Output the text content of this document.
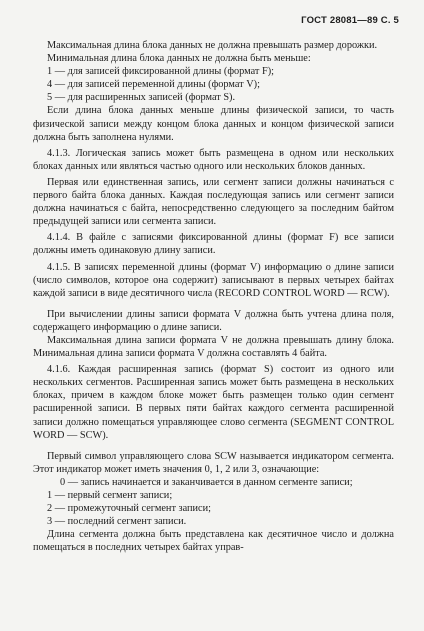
ГОСТ 28081—89 С. 5

Максимальная длина блока данных не должна превышать размер дорожки.

Минимальная длина блока данных не должна быть меньше:

1 — для записей фиксированной длины (формат F);

4 — для записей переменной длины (формат V);

5 — для расширенных записей (формат S).

Если длина блока данных меньше длины физической записи, то часть физической записи между концом блока данных и концом физической записи должна быть заполнена нулями.

4.1.3. Логическая запись может быть размещена в одном или нескольких блоках данных или являться частью одного или нескольких блоков данных.

Первая или единственная запись, или сегмент записи должны начинаться с первого байта блока данных. Каждая последующая запись или сегмент записи должна начинаться с байта, непосредственно следующего за последним байтом предыдущей записи или сегмента записи.

4.1.4. В файле с записями фиксированной длины (формат F) все записи должны иметь одинаковую длину записи.

4.1.5. В записях переменной длины (формат V) информацию о длине записи (число символов, которое она содержит) записывают в первых четырех байтах каждой записи в виде десятичного числа (RECORD CONTROL WORD — RCW).

При вычислении длины записи формата V должна быть учтена длина поля, содержащего информацию о длине записи.

Максимальная длина записи формата V не должна превышать длину блока. Минимальная длина записи формата V должна составлять 4 байта.

4.1.6. Каждая расширенная запись (формат S) состоит из одного или нескольких сегментов. Расширенная запись может быть размещена в нескольких блоках, причем в каждом блоке может быть размещен только один сегмент расширенной записи. В первых пяти байтах каждого сегмента расширенной записи должно помещаться управляющее слово сегмента (SEGMENT CONTROL WORD — SCW).

Первый символ управляющего слова SCW называется индикатором сегмента. Этот индикатор может иметь значения 0, 1, 2 или 3, означающие:

0 — запись начинается и заканчивается в данном сегменте записи;

1 — первый сегмент записи;

2 — промежуточный сегмент записи;

3 — последний сегмент записи.

Длина сегмента должна быть представлена как десятичное число и должна помещаться в последних четырех байтах управ-
